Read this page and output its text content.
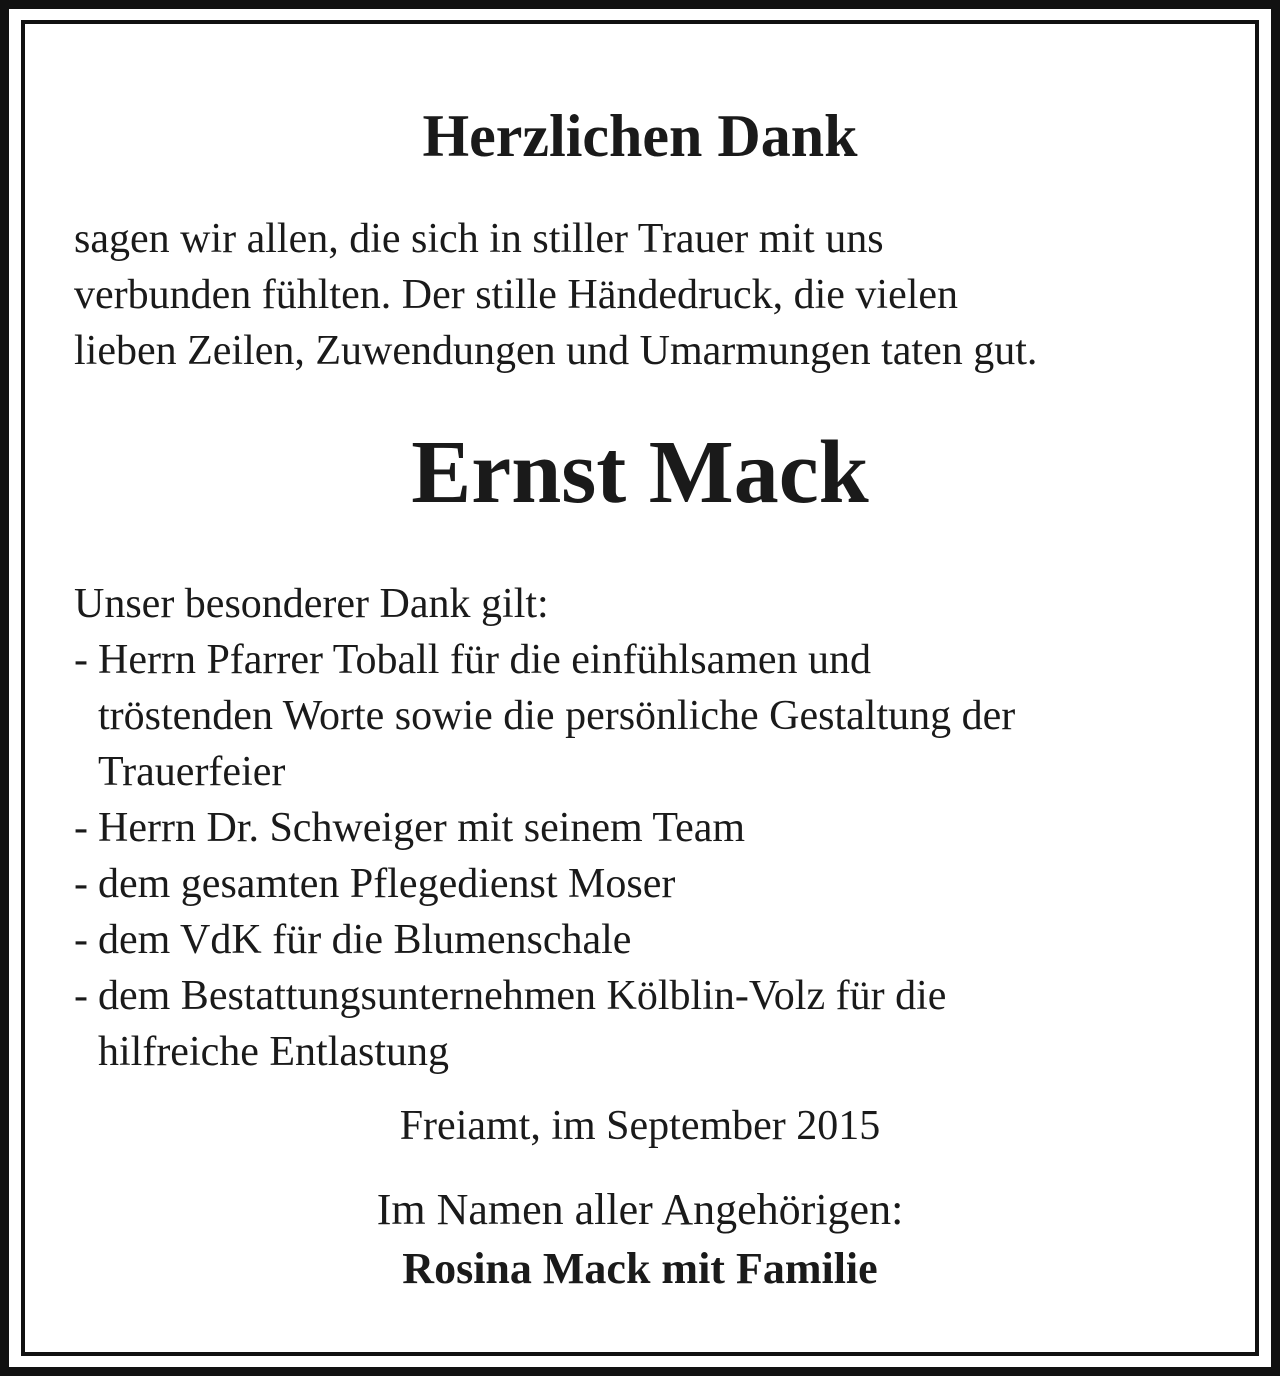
Herzlichen Dank

sagen wir allen, die sich in stiller Trauer mit uns
verbunden fühlten. Der stille Händedruck, die vielen
lieben Zeilen, Zuwendungen und Umarmungen taten gut.

Ernst Mack
Unser besonderer Dank gilt:
- Herrn Pfarrer Toball für die einfühlsamen und
tröstenden Worte sowie die persönliche Gestaltung der
Trauerfeier
- Herrn Dr. Schweiger mit seinem Team
- dem gesamten Pflegedienst Moser
- dem VdK für die Blumenschale
- dem Bestattungsunternehmen Kölblin-Volz für die
hilfreiche Entlastung
Freiamt, im September 2015
Im Namen aller Angehörigen:
Rosina Mack mit Familie
